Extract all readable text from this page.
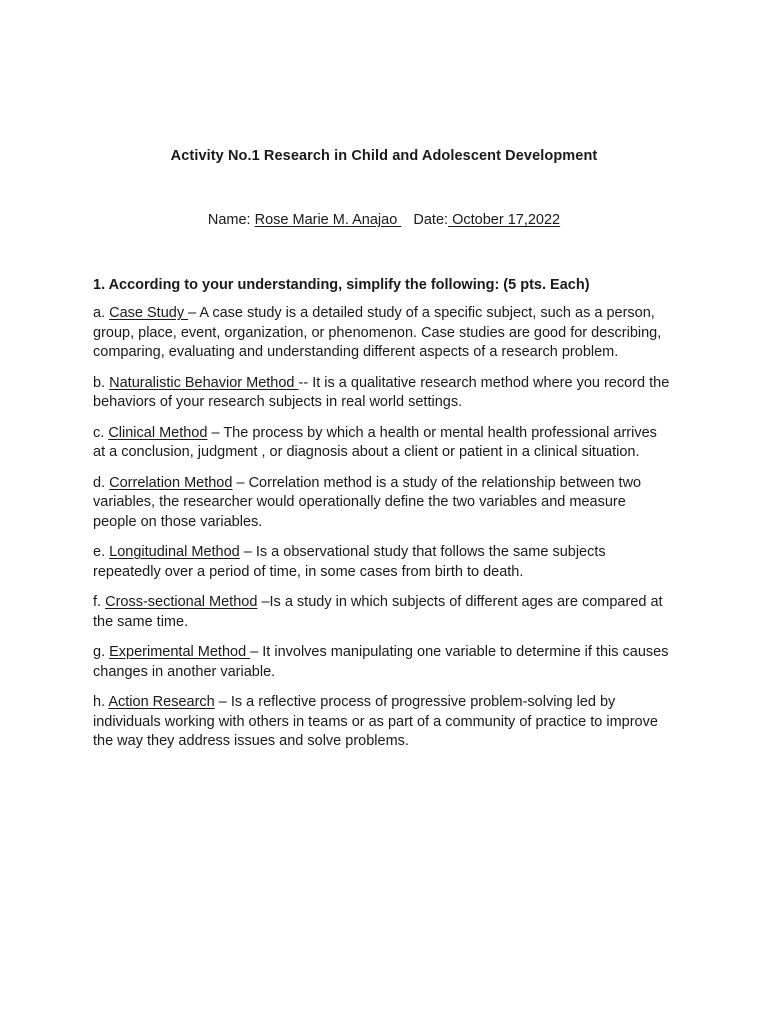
Activity No.1 Research in Child and Adolescent Development
Name: Rose Marie M. Anajao    Date: October 17,2022

1. According to your understanding, simplify the following: (5 pts. Each)

a. Case Study – A case study is a detailed study of a specific subject, such as a person, group, place, event, organization, or phenomenon. Case studies are good for describing, comparing, evaluating and understanding different aspects of a research problem.

b. Naturalistic Behavior Method -- It is a qualitative research method where you record the behaviors of your research subjects in real world settings.

c. Clinical Method – The process by which a health or mental health professional arrives at a conclusion, judgment , or diagnosis about a client or patient in a clinical situation.

d. Correlation Method – Correlation method is a study of the relationship between two variables, the researcher would operationally define the two variables and measure people on those variables.

e. Longitudinal Method – Is a observational study that follows the same subjects repeatedly over a period of time, in some cases from birth to death.

f. Cross-sectional Method –Is a study in which subjects of different ages are compared at the same time.

g. Experimental Method – It involves manipulating one variable to determine if this causes changes in another variable.

h. Action Research – Is a reflective process of progressive problem-solving led by individuals working with others in teams or as part of a community of practice to improve the way they address issues and solve problems.
